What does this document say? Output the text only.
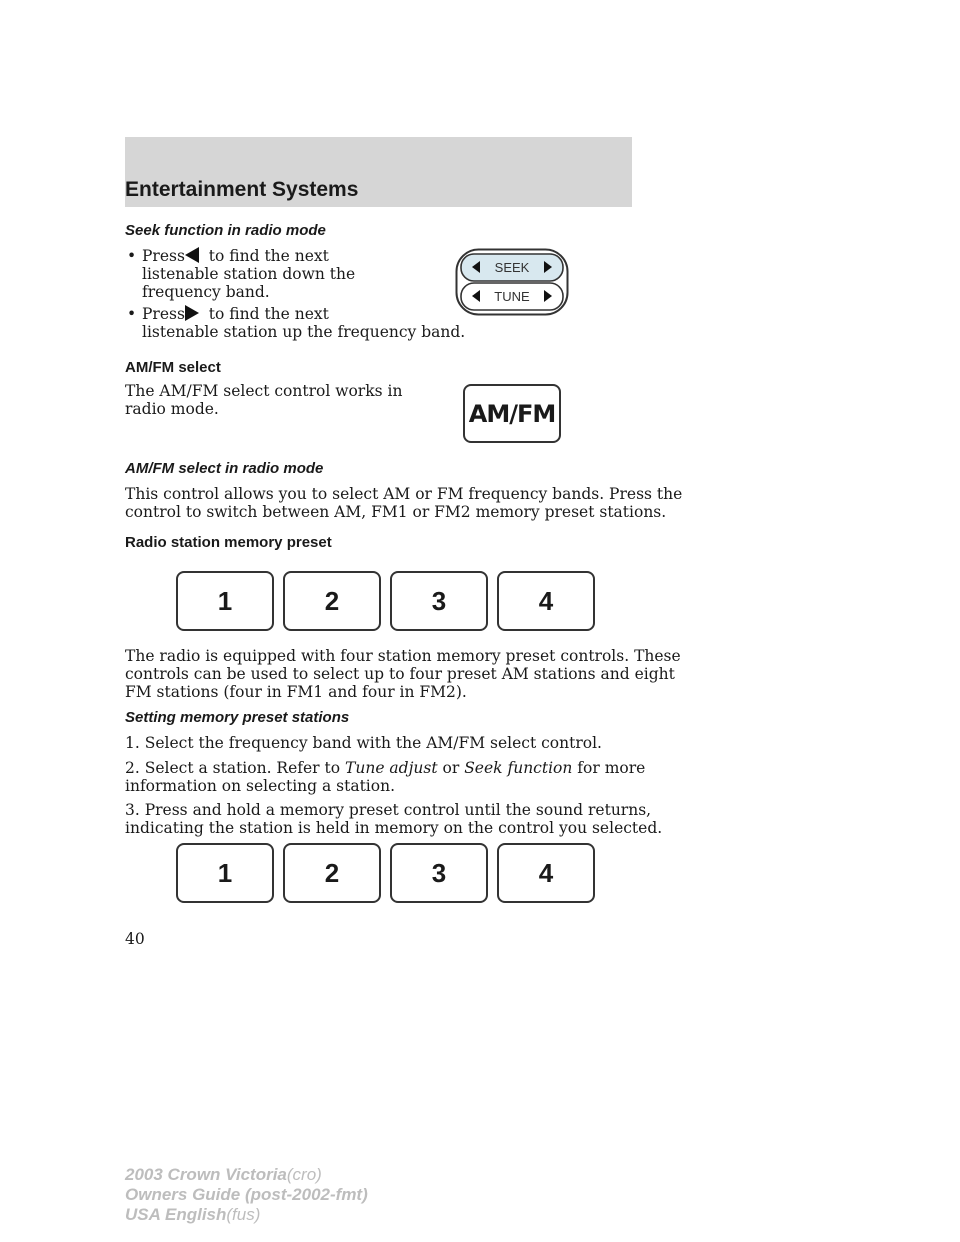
Entertainment Systems
Seek function in radio mode
• Press to find the next
listenable station down the
frequency band.
• Press to find the next
listenable station up the frequency band.
SEEK
TUNE
AM/FM select
The AM/FM select control works in
radio mode.	AM/FM
AM/FM select in radio mode
This control allows you to select AM or FM frequency bands. Press the
control to switch between AM, FM1 or FM2 memory preset stations.
Radio station memory preset
1	2	3	4
The radio is equipped with four station memory preset controls. These
controls can be used to select up to four preset AM stations and eight
FM stations (four in FM1 and four in FM2).
Setting memory preset stations
1. Select the frequency band with the AM/FM select control.
2. Select a station. Refer to Tune adjust or Seek function for more
information on selecting a station.
3. Press and hold a memory preset control until the sound returns,
indicating the station is held in memory on the control you selected.
1	2	3	4
40
2003 Crown Victoria(cro)
Owners Guide (post-2002-fmt)
USA English(fus)
